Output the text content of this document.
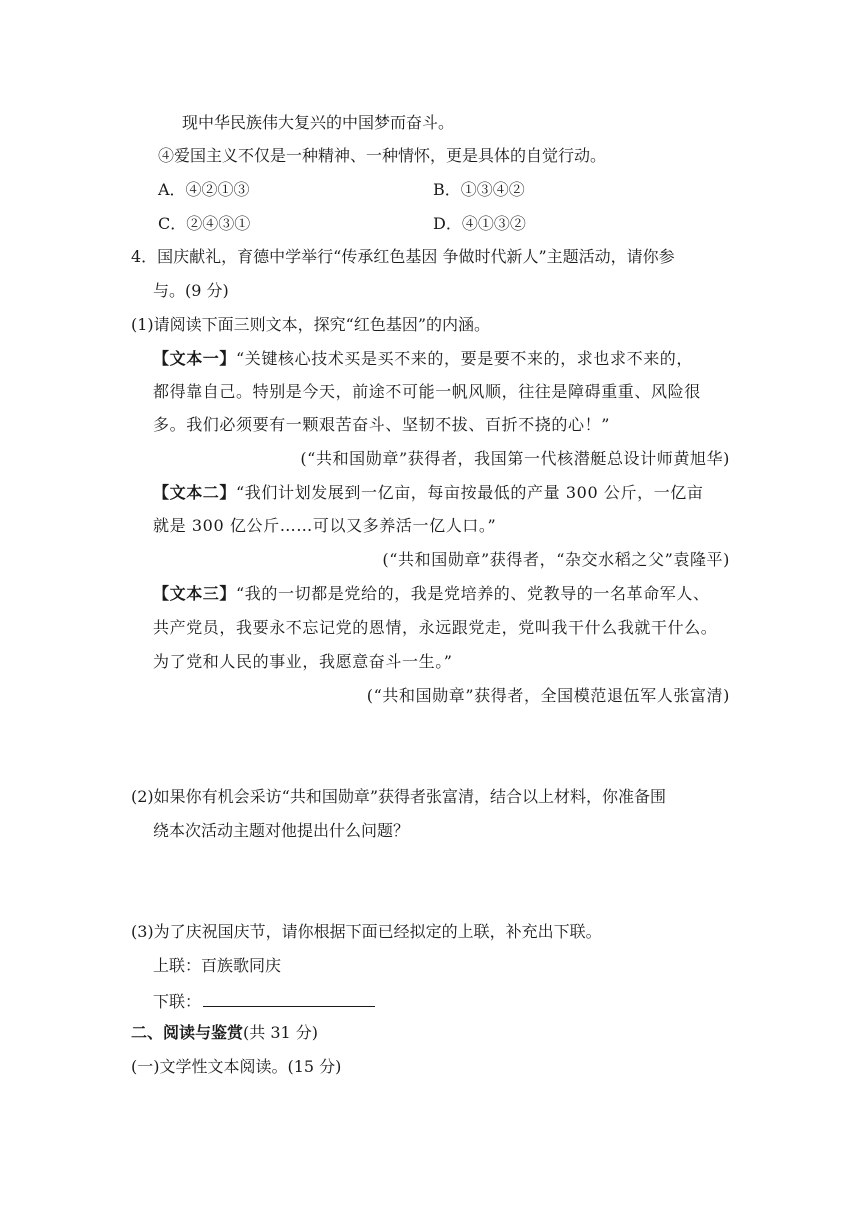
现中华民族伟大复兴的中国梦而奋斗。
④爱国主义不仅是一种精神、一种情怀，更是具体的自觉行动。
A．④②①③	B．①③④②
C．②④③①	D．④①③②
4．国庆献礼，育德中学举行“传承红色基因 争做时代新人”主题活动，请你参
与。(9 分)
(1)请阅读下面三则文本，探究“红色基因”的内涵。
【文本一】“关键核心技术买是买不来的，要是要不来的，求也求不来的，
都得靠自己。特别是今天，前途不可能一帆风顺，往往是障碍重重、风险很
多。我们必须要有一颗艰苦奋斗、坚韧不拔、百折不挠的心！”
(“共和国勋章”获得者，我国第一代核潜艇总设计师黄旭华)
【文本二】“我们计划发展到一亿亩，每亩按最低的产量 300 公斤，一亿亩
就是 300 亿公斤……可以又多养活一亿人口。”
(“共和国勋章”获得者，“杂交水稻之父”袁隆平)
【文本三】“我的一切都是党给的，我是党培养的、党教导的一名革命军人、
共产党员，我要永不忘记党的恩情，永远跟党走，党叫我干什么我就干什么。
为了党和人民的事业，我愿意奋斗一生。”
(“共和国勋章”获得者，全国模范退伍军人张富清)
(2)如果你有机会采访“共和国勋章”获得者张富清，结合以上材料，你准备围
绕本次活动主题对他提出什么问题？
(3)为了庆祝国庆节，请你根据下面已经拟定的上联，补充出下联。
上联：百族歌同庆
下联：
二、阅读与鉴赏(共 31 分)
(一)文学性文本阅读。(15 分)
